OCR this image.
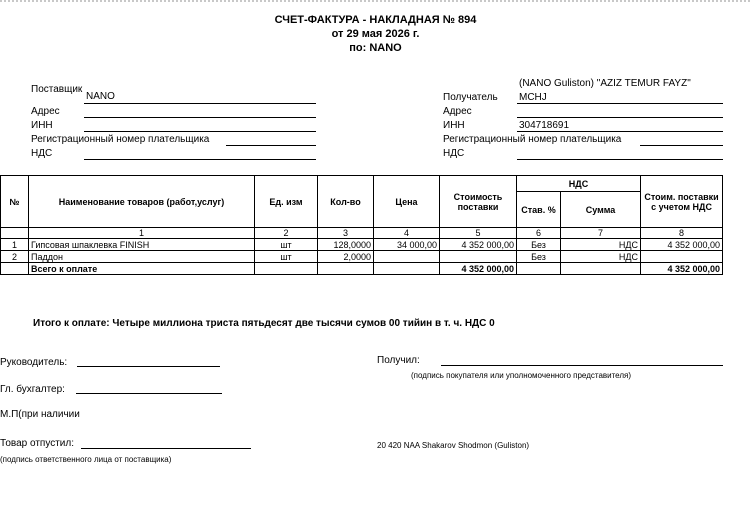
СЧЕТ-ФАКТУРА - НАКЛАДНАЯ № 894
от 29 мая 2026 г.
по: NANO
Поставщик
NANO
Адрес
ИНН
Регистрационный номер плательщика
НДС
(NANO Guliston) "AZIZ TEMUR FAYZ"
Получатель MCHJ
Адрес
ИНН	304718691
Регистрационный номер плательщика
НДС
№	Наименование товаров (работ,услуг)	Ед. изм	Кол-во	Цена	Стоимость поставки	НДС		Стоим. поставки с учетом НДС
						Став. %	Сумма	
	1	2	3	4	5	6	7	8
1	Гипсовая шпаклевка FINISH	шт	128,0000	34 000,00	4 352 000,00	Без	НДС	4 352 000,00
2	Паддон	шт	2,0000			Без	НДС	
	Всего к оплате				4 352 000,00			4 352 000,00
Итого к оплате: Четыре миллиона триста пятьдесят две тысячи сумов 00 тийин в т. ч. НДС 0
Руководитель:
Гл. бухгалтер:
М.П(при наличии
Товар отпустил:
(подпись ответственного лица от поставщика)
Получил:
(подпись покупателя или уполномоченного представителя)
20 420 NAA Shakarov Shodmon (Guliston)
